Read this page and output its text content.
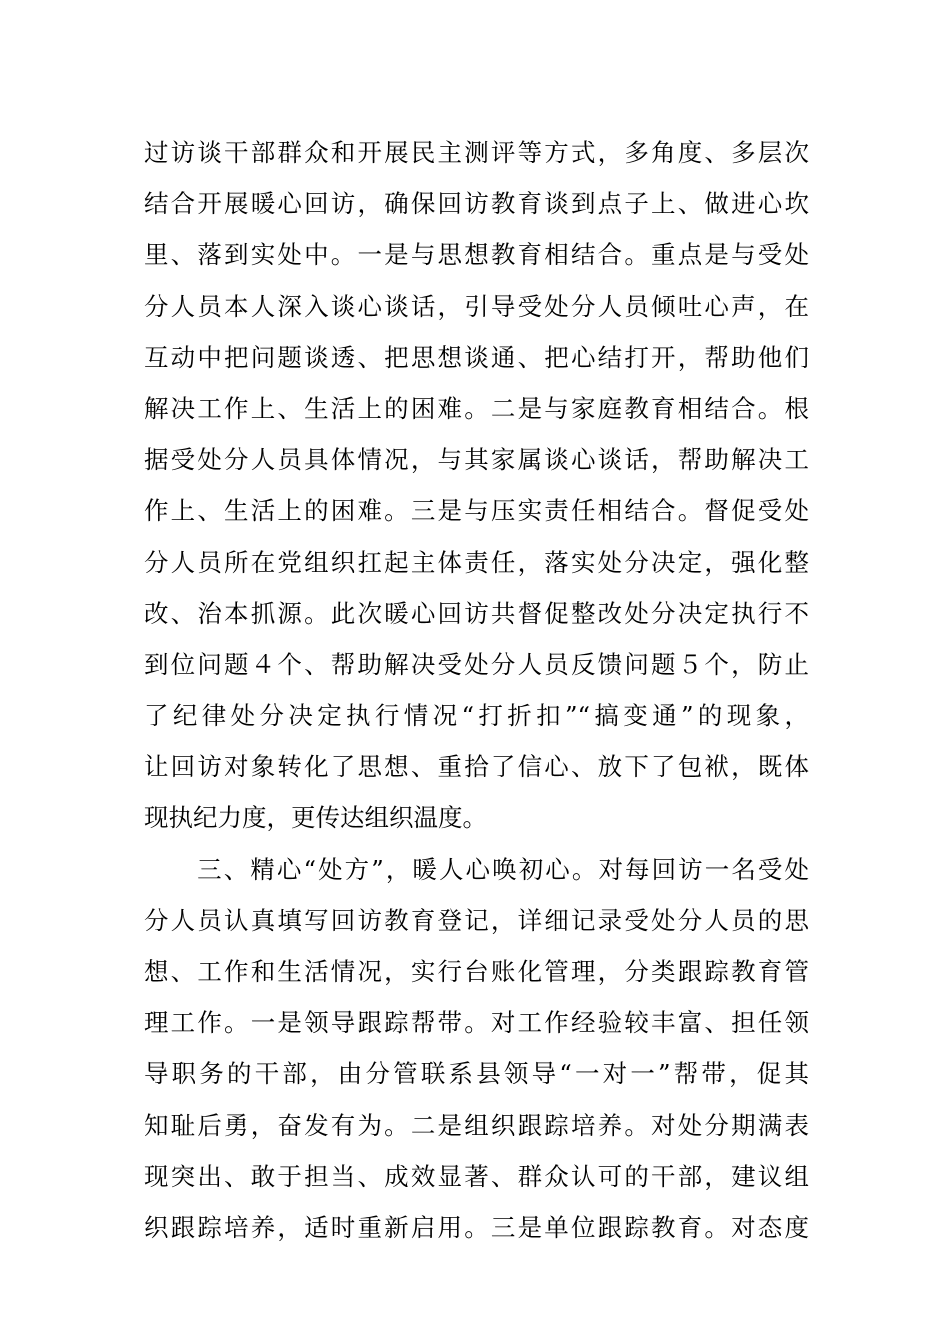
过访谈干部群众和开展民主测评等方式，多角度、多层次
结合开展暖心回访，确保回访教育谈到点子上、做进心坎
里、落到实处中。一是与思想教育相结合。重点是与受处
分人员本人深入谈心谈话，引导受处分人员倾吐心声，在
互动中把问题谈透、把思想谈通、把心结打开，帮助他们
解决工作上、生活上的困难。二是与家庭教育相结合。根
据受处分人员具体情况，与其家属谈心谈话，帮助解决工
作上、生活上的困难。三是与压实责任相结合。督促受处
分人员所在党组织扛起主体责任，落实处分决定，强化整
改、治本抓源。此次暖心回访共督促整改处分决定执行不
到位问题４个、帮助解决受处分人员反馈问题５个，防止
了纪律处分决定执行情况“打折扣”“搞变通”的现象，
让回访对象转化了思想、重拾了信心、放下了包袱，既体
现执纪力度，更传达组织温度。
　　三、精心“处方”，暖人心唤初心。对每回访一名受处
分人员认真填写回访教育登记，详细记录受处分人员的思
想、工作和生活情况，实行台账化管理，分类跟踪教育管
理工作。一是领导跟踪帮带。对工作经验较丰富、担任领
导职务的干部，由分管联系县领导“一对一”帮带，促其
知耻后勇，奋发有为。二是组织跟踪培养。对处分期满表
现突出、敢于担当、成效显著、群众认可的干部，建议组
织跟踪培养，适时重新启用。三是单位跟踪教育。对态度
